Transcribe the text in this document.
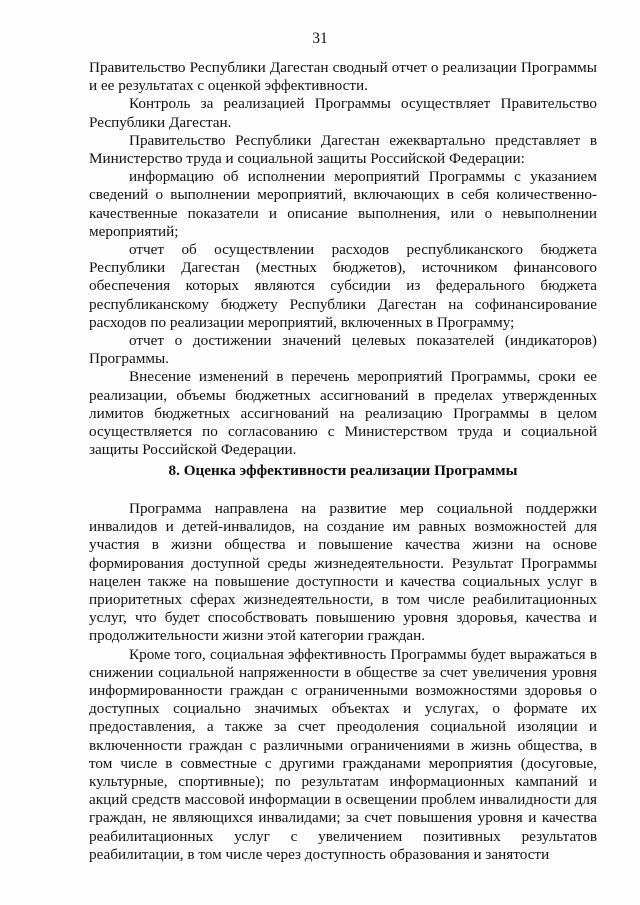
31

Правительство Республики Дагестан сводный отчет о реализации Программы и ее результатах с оценкой эффективности.

Контроль за реализацией Программы осуществляет Правительство Республики Дагестан.

Правительство Республики Дагестан ежеквартально представляет в Министерство труда и социальной защиты Российской Федерации:

информацию об исполнении мероприятий Программы с указанием сведений о выполнении мероприятий, включающих в себя количественно-качественные показатели и описание выполнения, или о невыполнении мероприятий;

отчет об осуществлении расходов республиканского бюджета Республики Дагестан (местных бюджетов), источником финансового обеспечения которых являются субсидии из федерального бюджета республиканскому бюджету Республики Дагестан на софинансирование расходов по реализации мероприятий, включенных в Программу;

отчет о достижении значений целевых показателей (индикаторов) Программы.

Внесение изменений в перечень мероприятий Программы, сроки ее реализации, объемы бюджетных ассигнований в пределах утвержденных лимитов бюджетных ассигнований на реализацию Программы в целом осуществляется по согласованию с Министерством труда и социальной защиты Российской Федерации.

8. Оценка эффективности реализации Программы

Программа направлена на развитие мер социальной поддержки инвалидов и детей-инвалидов, на создание им равных возможностей для участия в жизни общества и повышение качества жизни на основе формирования доступной среды жизнедеятельности. Результат Программы нацелен также на повышение доступности и качества социальных услуг в приоритетных сферах жизнедеятельности, в том числе реабилитационных услуг, что будет способствовать повышению уровня здоровья, качества и продолжительности жизни этой категории граждан.

Кроме того, социальная эффективность Программы будет выражаться в снижении социальной напряженности в обществе за счет увеличения уровня информированности граждан с ограниченными возможностями здоровья о доступных социально значимых объектах и услугах, о формате их предоставления, а также за счет преодоления социальной изоляции и включенности граждан с различными ограничениями в жизнь общества, в том числе в совместные с другими гражданами мероприятия (досуговые, культурные, спортивные); по результатам информационных кампаний и акций средств массовой информации в освещении проблем инвалидности для граждан, не являющихся инвалидами; за счет повышения уровня и качества реабилитационных услуг с увеличением позитивных результатов реабилитации, в том числе через доступность образования и занятости
